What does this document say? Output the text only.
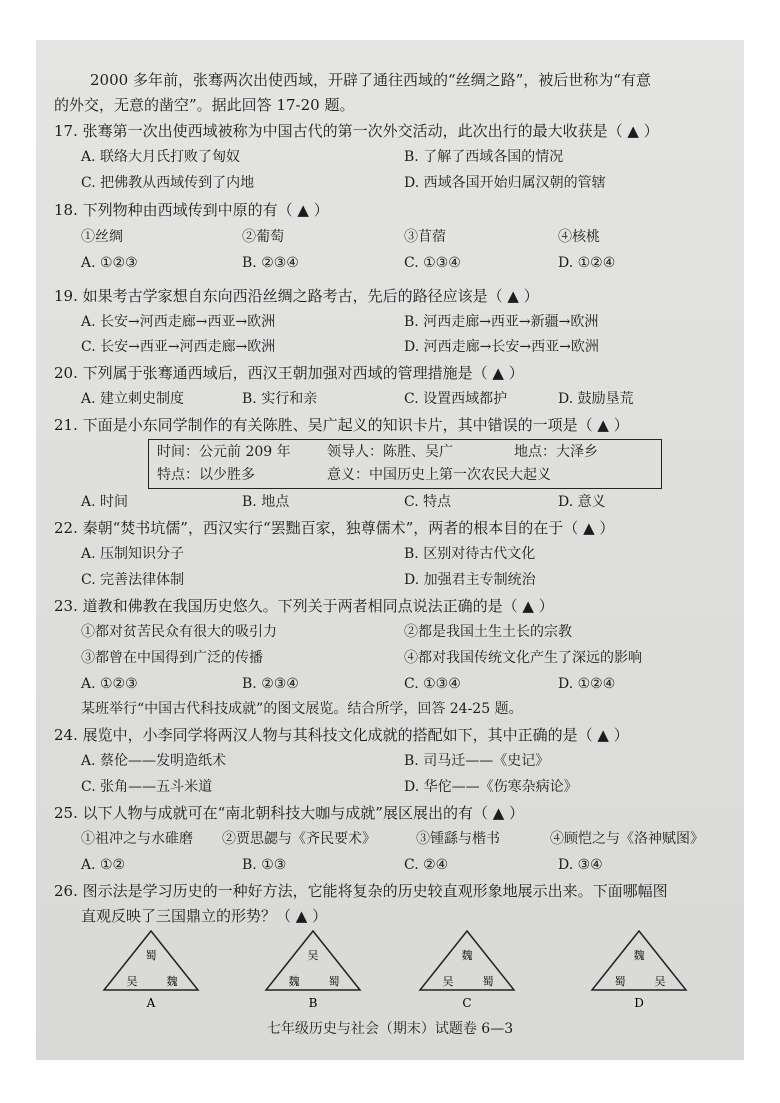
2000 多年前，张骞两次出使西域，开辟了通往西域的“丝绸之路”，被后世称为“有意
的外交，无意的凿空”。据此回答 17-20 题。
17. 张骞第一次出使西域被称为中国古代的第一次外交活动，此次出行的最大收获是（ ▲ ）
A. 联络大月氏打败了匈奴	B. 了解了西域各国的情况
C. 把佛教从西域传到了内地	D. 西域各国开始归属汉朝的管辖
18. 下列物种由西域传到中原的有（ ▲ ）
①丝绸	②葡萄	③苜蓿	④核桃
A. ①②③	B. ②③④	C. ①③④	D. ①②④
19. 如果考古学家想自东向西沿丝绸之路考古，先后的路径应该是（ ▲ ）
A. 长安→河西走廊→西亚→欧洲	B. 河西走廊→西亚→新疆→欧洲
C. 长安→西亚→河西走廊→欧洲	D. 河西走廊→长安→西亚→欧洲
20. 下列属于张骞通西域后，西汉王朝加强对西域的管理措施是（ ▲ ）
A. 建立刺史制度	B. 实行和亲	C. 设置西域都护	D. 鼓励垦荒
21. 下面是小东同学制作的有关陈胜、吴广起义的知识卡片，其中错误的一项是（ ▲ ）
时间：公元前 209 年	领导人：陈胜、吴广	地点：大泽乡
特点：以少胜多	意义：中国历史上第一次农民大起义
A. 时间	B. 地点	C. 特点	D. 意义
22. 秦朝“焚书坑儒”，西汉实行“罢黜百家，独尊儒术”，两者的根本目的在于（ ▲ ）
A. 压制知识分子	B. 区别对待古代文化
C. 完善法律体制	D. 加强君主专制统治
23. 道教和佛教在我国历史悠久。下列关于两者相同点说法正确的是（ ▲ ）
①都对贫苦民众有很大的吸引力	②都是我国土生土长的宗教
③都曾在中国得到广泛的传播	④都对我国传统文化产生了深远的影响
A. ①②③	B. ②③④	C. ①③④	D. ①②④
某班举行“中国古代科技成就”的图文展览。结合所学，回答 24-25 题。
24. 展览中，小李同学将两汉人物与其科技文化成就的搭配如下，其中正确的是（ ▲ ）
A. 蔡伦——发明造纸术	B. 司马迁——《史记》
C. 张角——五斗米道	D. 华佗——《伤寒杂病论》
25. 以下人物与成就可在“南北朝科技大咖与成就”展区展出的有（ ▲ ）
①祖冲之与水碓磨 ②贾思勰与《齐民要术》	③锺繇与楷书	④顾恺之与《洛神赋图》
A. ①②	B. ①③	C. ②④	D. ③④
26. 图示法是学习历史的一种好方法，它能将复杂的历史较直观形象地展示出来。下面哪幅图
直观反映了三国鼎立的形势？（ ▲ ）
蜀
吴	魏
A
吴
魏	蜀
B
魏
吴	蜀
C
魏
蜀	吴
D
七年级历史与社会（期末）试题卷 6—3
